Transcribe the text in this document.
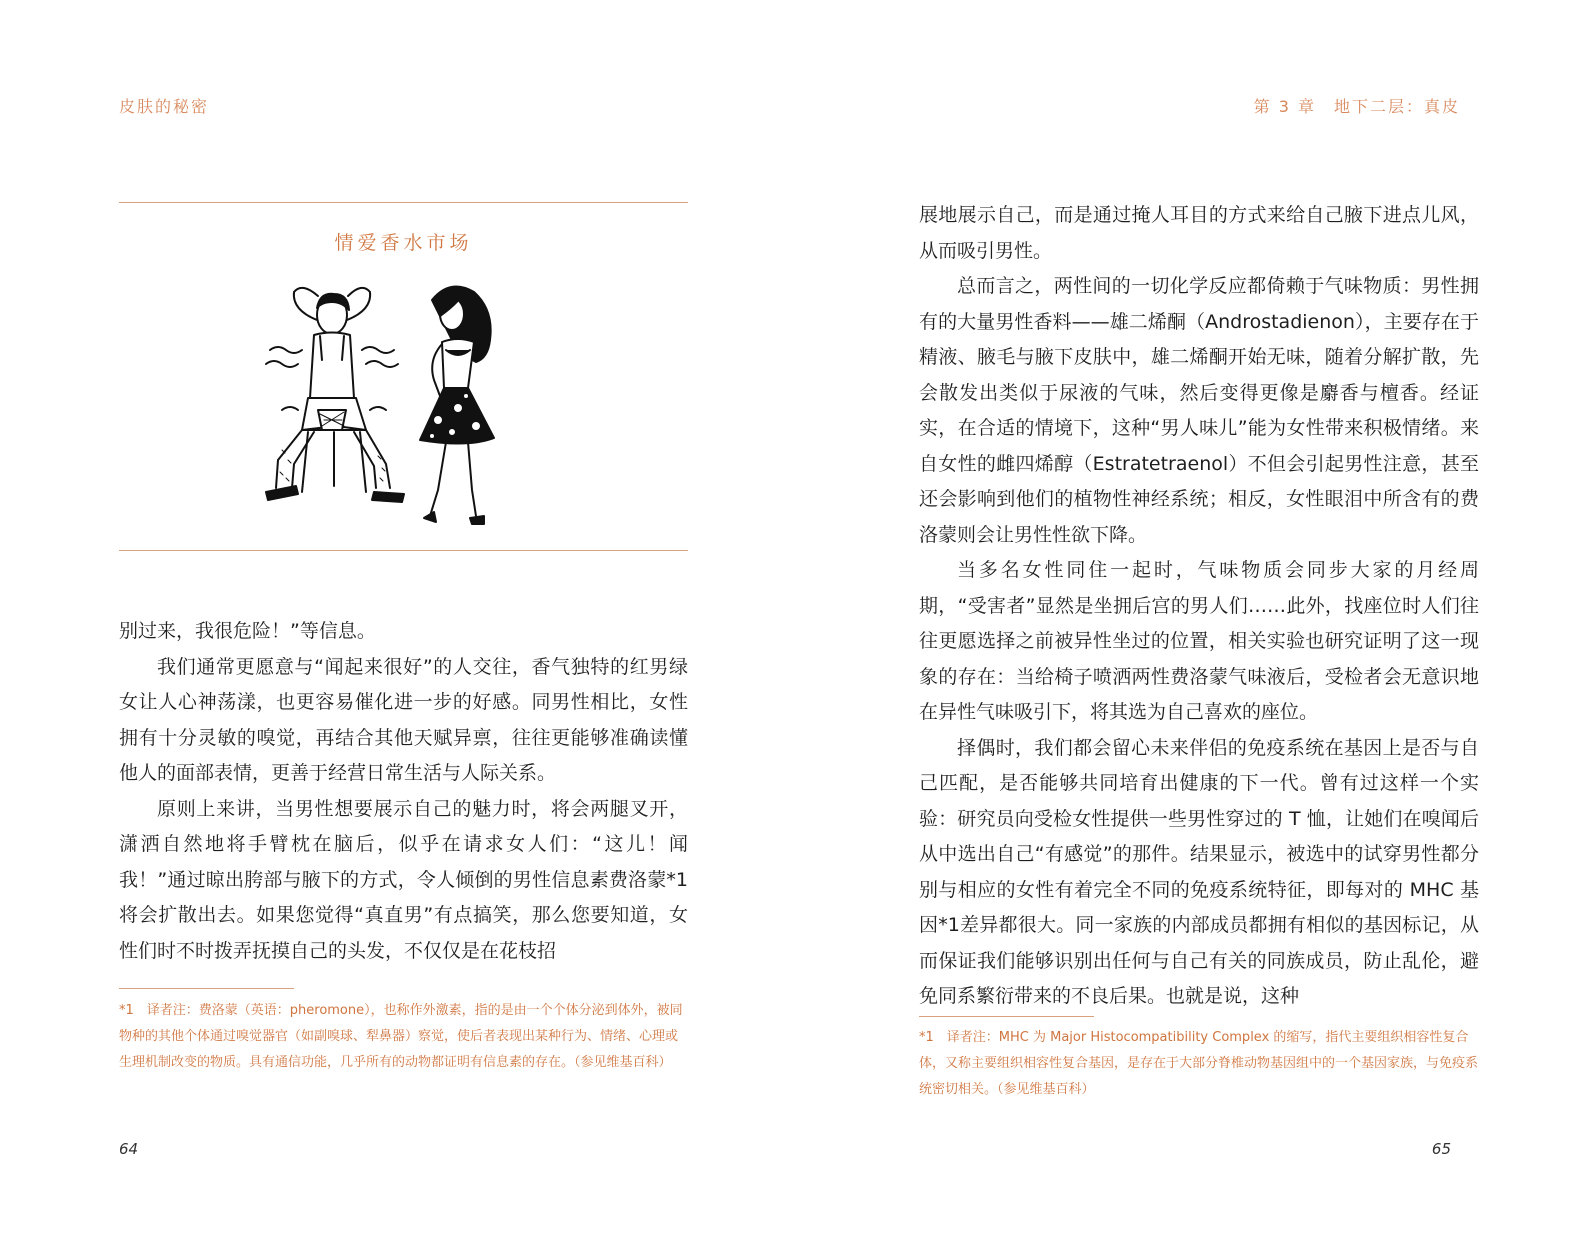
皮肤的秘密
情爱香水市场

别过来，我很危险！”等信息。

我们通常更愿意与“闻起来很好”的人交往，香气独特的红男绿女让人心神荡漾，也更容易催化进一步的好感。同男性相比，女性拥有十分灵敏的嗅觉，再结合其他天赋异禀，往往更能够准确读懂他人的面部表情，更善于经营日常生活与人际关系。

原则上来讲，当男性想要展示自己的魅力时，将会两腿叉开，潇洒自然地将手臂枕在脑后，似乎在请求女人们：“这儿！闻我！”通过晾出胯部与腋下的方式，令人倾倒的男性信息素费洛蒙*1将会扩散出去。如果您觉得“真直男”有点搞笑，那么您要知道，女性们时不时拨弄抚摸自己的头发，不仅仅是在花枝招

*1　译者注：费洛蒙（英语：pheromone），也称作外激素，指的是由一个个体分泌到体外，被同物种的其他个体通过嗅觉器官（如副嗅球、犁鼻器）察觉，使后者表现出某种行为、情绪、心理或生理机制改变的物质。具有通信功能，几乎所有的动物都证明有信息素的存在。（参见维基百科）
64
第 3 章　地下二层：真皮

展地展示自己，而是通过掩人耳目的方式来给自己腋下进点儿风，从而吸引男性。

总而言之，两性间的一切化学反应都倚赖于气味物质：男性拥有的大量男性香料——雄二烯酮（Androstadienon），主要存在于精液、腋毛与腋下皮肤中，雄二烯酮开始无味，随着分解扩散，先会散发出类似于尿液的气味，然后变得更像是麝香与檀香。经证实，在合适的情境下，这种“男人味儿”能为女性带来积极情绪。来自女性的雌四烯醇（Estratetraenol）不但会引起男性注意，甚至还会影响到他们的植物性神经系统；相反，女性眼泪中所含有的费洛蒙则会让男性性欲下降。

当多名女性同住一起时，气味物质会同步大家的月经周期，“受害者”显然是坐拥后宫的男人们……此外，找座位时人们往往更愿选择之前被异性坐过的位置，相关实验也研究证明了这一现象的存在：当给椅子喷洒两性费洛蒙气味液后，受检者会无意识地在异性气味吸引下，将其选为自己喜欢的座位。

择偶时，我们都会留心未来伴侣的免疫系统在基因上是否与自己匹配，是否能够共同培育出健康的下一代。曾有过这样一个实验：研究员向受检女性提供一些男性穿过的 T 恤，让她们在嗅闻后从中选出自己“有感觉”的那件。结果显示，被选中的试穿男性都分别与相应的女性有着完全不同的免疫系统特征，即每对的 MHC 基因*1差异都很大。同一家族的内部成员都拥有相似的基因标记，从而保证我们能够识别出任何与自己有关的同族成员，防止乱伦，避免同系繁衍带来的不良后果。也就是说，这种

*1　译者注：MHC 为 Major Histocompatibility Complex 的缩写，指代主要组织相容性复合体，又称主要组织相容性复合基因，是存在于大部分脊椎动物基因组中的一个基因家族，与免疫系统密切相关。（参见维基百科）
65
